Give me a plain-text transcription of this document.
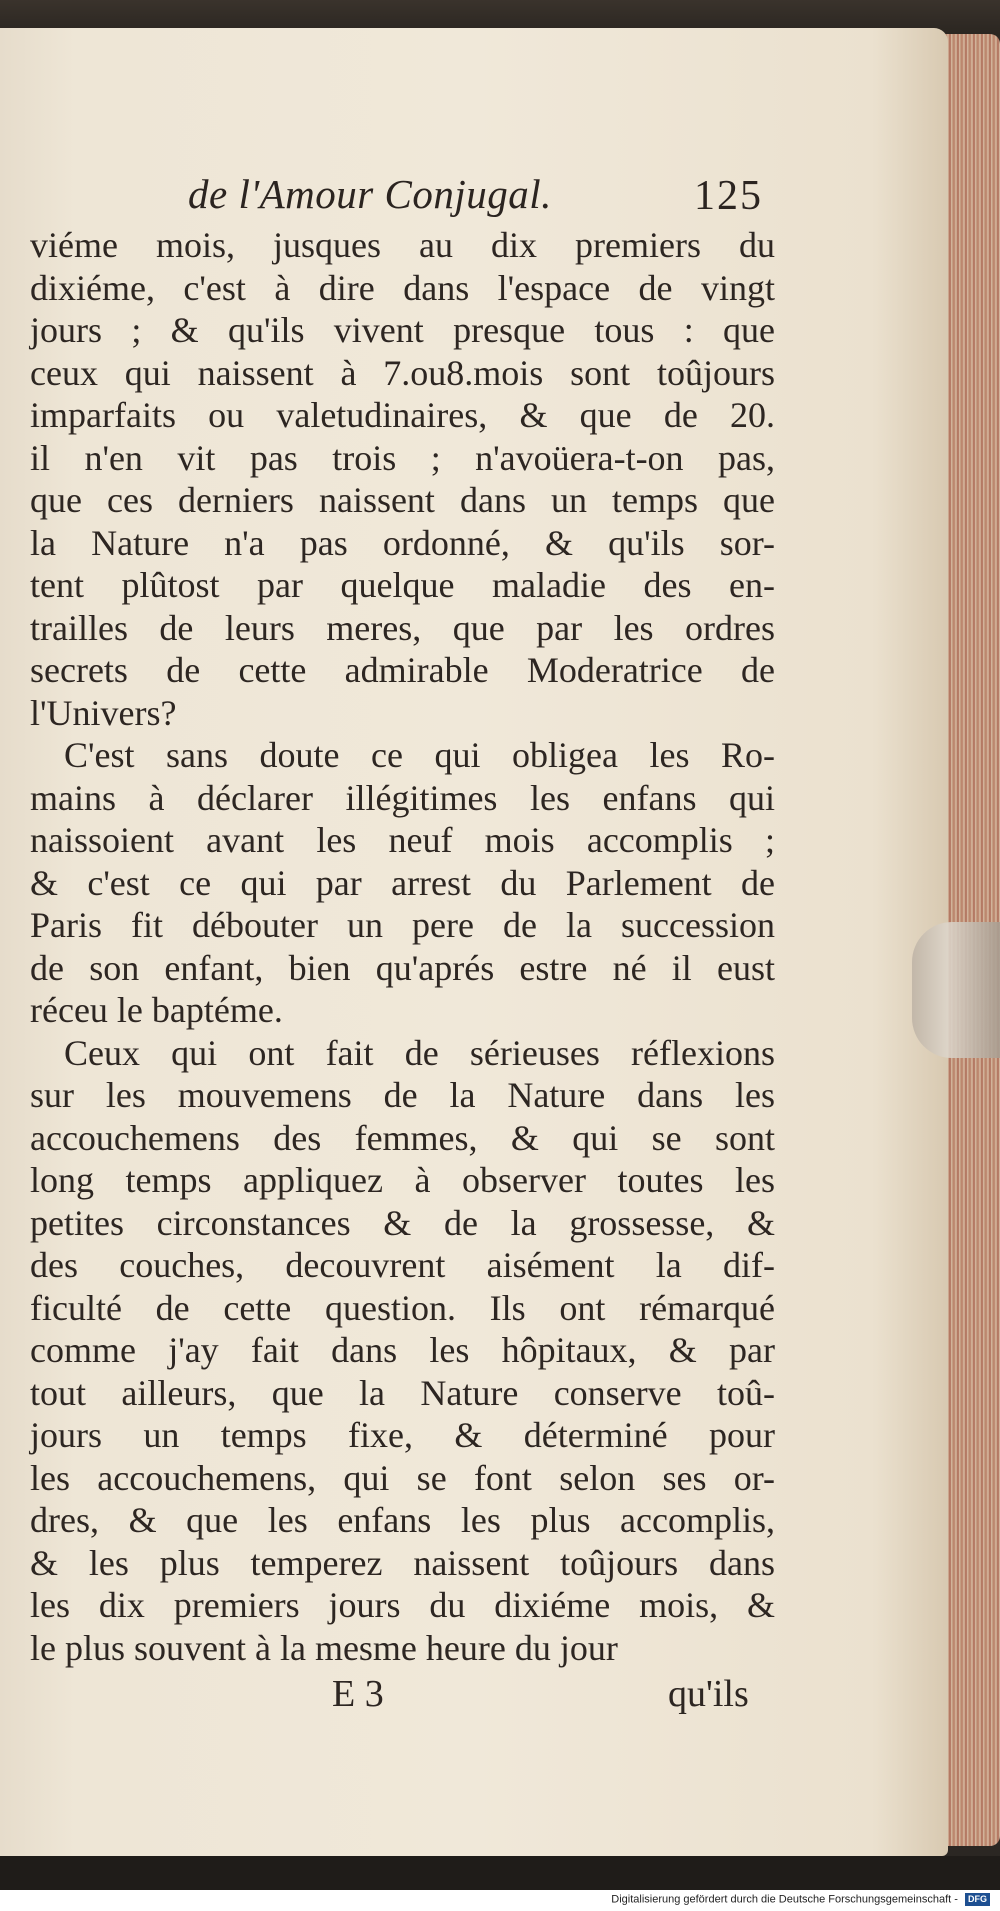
de l'Amour Conjugal.	125
viéme mois, jusques au dix premiers du
dixiéme, c'est à dire dans l'espace de vingt
jours ; & qu'ils vivent presque tous : que
ceux qui naissent à 7.ou8.mois sont toûjours
imparfaits ou valetudinaires, & que de 20.
il n'en vit pas trois ; n'avoüera-t-on pas,
que ces derniers naissent dans un temps que
la Nature n'a pas ordonné, & qu'ils sor-
tent plûtost par quelque maladie des en-
trailles de leurs meres, que par les ordres
secrets de cette admirable Moderatrice de
l'Univers?
C'est sans doute ce qui obligea les Ro-
mains à déclarer illégitimes les enfans qui
naissoient avant les neuf mois accomplis ;
& c'est ce qui par arrest du Parlement de
Paris fit débouter un pere de la succession
de son enfant, bien qu'aprés estre né il eust
réceu le baptéme.
Ceux qui ont fait de sérieuses réflexions
sur les mouvemens de la Nature dans les
accouchemens des femmes, & qui se sont
long temps appliquez à observer toutes les
petites circonstances & de la grossesse, &
des couches, decouvrent aisément la dif-
ficulté de cette question. Ils ont rémarqué
comme j'ay fait dans les hôpitaux, & par
tout ailleurs, que la Nature conserve toû-
jours un temps fixe, & déterminé pour
les accouchemens, qui se font selon ses or-
dres, & que les enfans les plus accomplis,
& les plus temperez naissent toûjours dans
les dix premiers jours du dixiéme mois, &
le plus souvent à la mesme heure du jour
E 3	qu'ils
Digitalisierung gefördert durch die Deutsche Forschungsgemeinschaft - DFG
